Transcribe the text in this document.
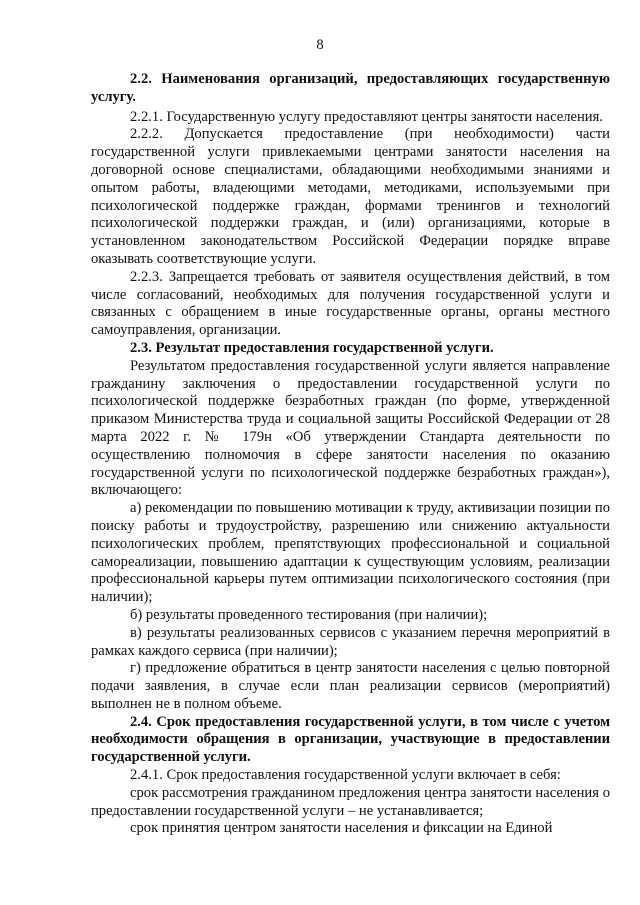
8

2.2. Наименования организаций, предоставляющих государственную услугу.

2.2.1. Государственную услугу предоставляют центры занятости населения.

2.2.2. Допускается предоставление (при необходимости) части государственной услуги привлекаемыми центрами занятости населения на договорной основе специалистами, обладающими необходимыми знаниями и опытом работы, владеющими методами, методиками, используемыми при психологической поддержке граждан, формами тренингов и технологий психологической поддержки граждан, и (или) организациями, которые в установленном законодательством Российской Федерации порядке вправе оказывать соответствующие услуги.

2.2.3. Запрещается требовать от заявителя осуществления действий, в том числе согласований, необходимых для получения государственной услуги и связанных с обращением в иные государственные органы, органы местного самоуправления, организации.

2.3. Результат предоставления государственной услуги.

Результатом предоставления государственной услуги является направление гражданину заключения о предоставлении государственной услуги по психологической поддержке безработных граждан (по форме, утвержденной приказом Министерства труда и социальной защиты Российской Федерации от 28 марта 2022 г. № 179н «Об утверждении Стандарта деятельности по осуществлению полномочия в сфере занятости населения по оказанию государственной услуги по психологической поддержке безработных граждан»), включающего:

а) рекомендации по повышению мотивации к труду, активизации позиции по поиску работы и трудоустройству, разрешению или снижению актуальности психологических проблем, препятствующих профессиональной и социальной самореализации, повышению адаптации к существующим условиям, реализации профессиональной карьеры путем оптимизации психологического состояния (при наличии);

б) результаты проведенного тестирования (при наличии);

в) результаты реализованных сервисов с указанием перечня мероприятий в рамках каждого сервиса (при наличии);

г) предложение обратиться в центр занятости населения с целью повторной подачи заявления, в случае если план реализации сервисов (мероприятий) выполнен не в полном объеме.

2.4. Срок предоставления государственной услуги, в том числе с учетом необходимости обращения в организации, участвующие в предоставлении государственной услуги.

2.4.1. Срок предоставления государственной услуги включает в себя:

срок рассмотрения гражданином предложения центра занятости населения о предоставлении государственной услуги – не устанавливается;

срок принятия центром занятости населения и фиксации на Единой
